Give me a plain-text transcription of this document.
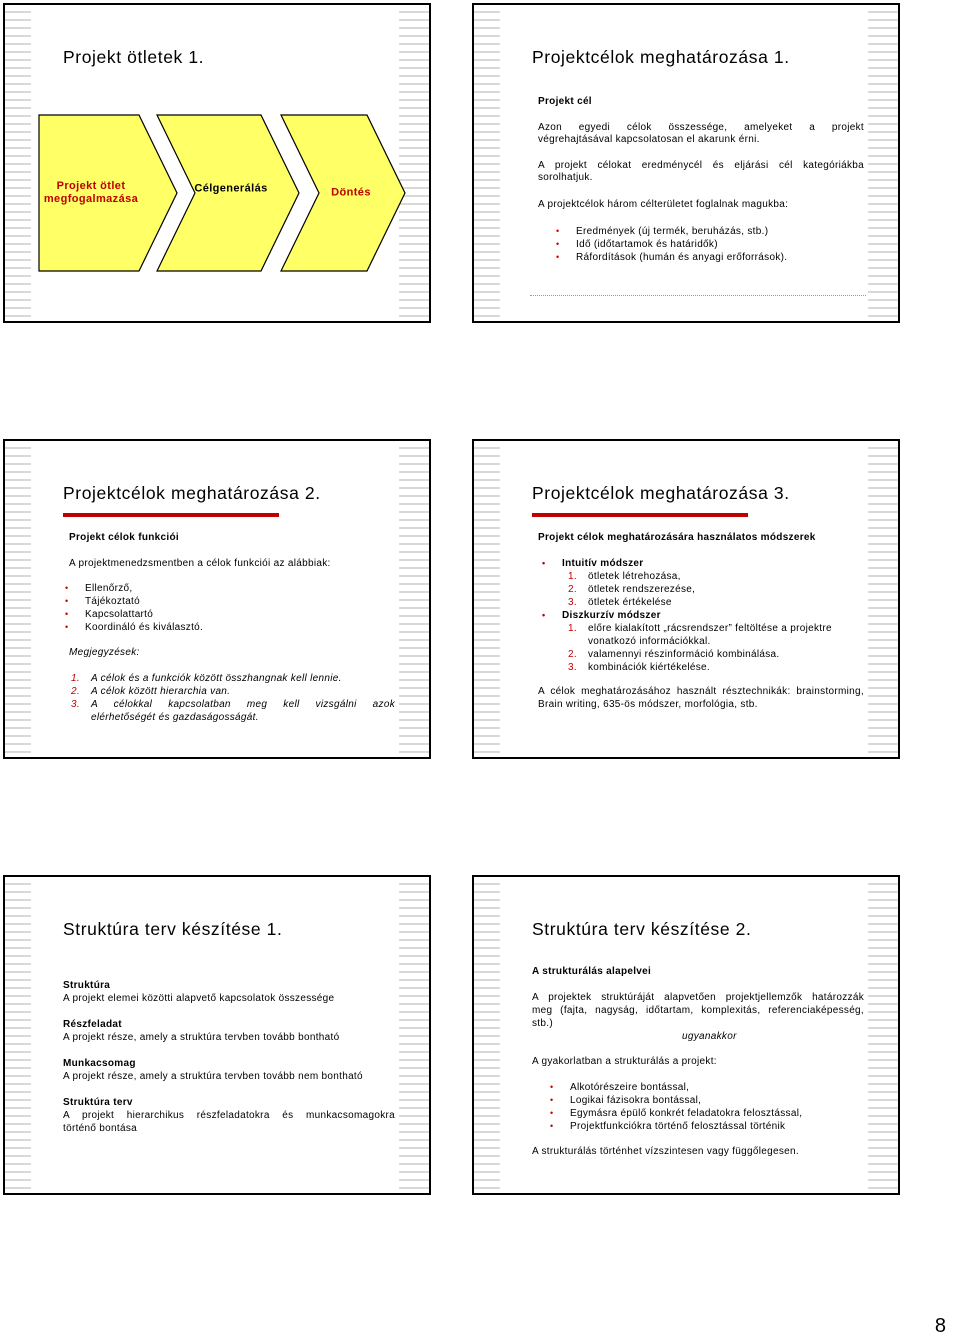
Projekt ötletek 1.
Projekt ötlet megfogalmazása
Célgenerálás	Döntés
Projektcélok meghatározása 1.
Projekt cél
Azon egyedi célok összessége, amelyeket a projekt
végrehajtásával kapcsolatosan el akarunk érni.
A projekt célokat eredménycél és eljárási cél kategóriákba
sorolhatjuk.
A projektcélok három célterületet foglalnak magukba:
• Eredmények (új termék, beruházás, stb.)
• Idő (időtartamok és határidők)
• Ráfordítások (humán és anyagi erőforrások).
Projektcélok meghatározása 2.
Projekt célok funkciói
A projektmenedzsmentben a célok funkciói az alábbiak:
• Ellenőrző,
• Tájékoztató
• Kapcsolattartó
• Koordináló és kiválasztó.
Megjegyzések:
1. A célok és a funkciók között összhangnak kell lennie.
2. A célok között hierarchia van.
3. A célokkal kapcsolatban meg kell vizsgálni azok
elérhetőségét és gazdaságosságát.
Projektcélok meghatározása 3.
Projekt célok meghatározására használatos módszerek
• Intuitív módszer
1. ötletek létrehozása,
2. ötletek rendszerezése,
3. ötletek értékelése
• Diszkurzív módszer
1. előre kialakított „rácsrendszer” feltöltése a projektre
vonatkozó információkkal.
2. valamennyi részinformáció kombinálása.
3. kombinációk kiértékelése.
A célok meghatározásához használt résztechnikák: brainstorming,
Brain writing, 635-ös módszer, morfológia, stb.
Struktúra terv készítése 1.
Struktúra
A projekt elemei közötti alapvető kapcsolatok összessége
Részfeladat
A projekt része, amely a struktúra tervben tovább bontható
Munkacsomag
A projekt része, amely a struktúra tervben tovább nem bontható
Struktúra terv
A projekt hierarchikus részfeladatokra és munkacsomagokra
történő bontása
Struktúra terv készítése 2.
A strukturálás alapelvei
A projektek struktúráját alapvetően projektjellemzők határozzák
meg (fajta, nagyság, időtartam, komplexitás, referenciaképesség,
stb.)
ugyanakkor
A gyakorlatban a strukturálás a projekt:
• Alkotórészeire bontással,
• Logikai fázisokra bontással,
• Egymásra épülő konkrét feladatokra felosztással,
• Projektfunkciókra történő felosztással történik
A strukturálás történhet vízszintesen vagy függőlegesen.
8
